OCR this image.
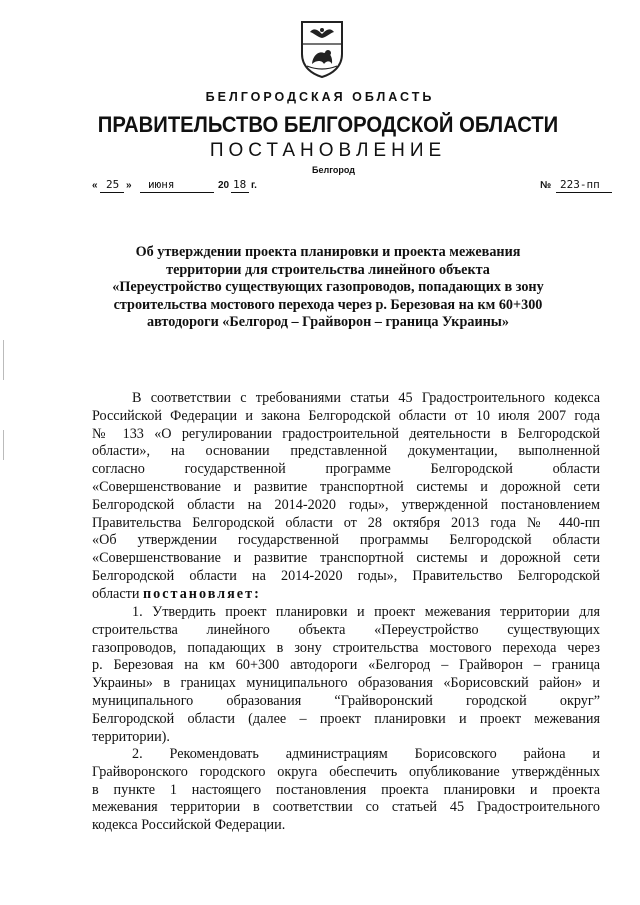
БЕЛГОРОДСКАЯ ОБЛАСТЬ
ПРАВИТЕЛЬСТВО БЕЛГОРОДСКОЙ ОБЛАСТИ
ПОСТАНОВЛЕНИЕ
Белгород
« 25 » июня	20 18 г.	№ 223-пп
Об утверждении проекта планировки и проекта межевания
территории для строительства линейного объекта
«Переустройство существующих газопроводов, попадающих в зону
строительства мостового перехода через р. Березовая на км 60+300
автодороги «Белгород – Грайворон – граница Украины»
В соответствии с требованиями статьи 45 Градостроительного кодекса
Российской Федерации и закона Белгородской области от 10 июля 2007 года
№ 133 «О регулировании градостроительной деятельности в Белгородской
области», на основании представленной документации, выполненной
согласно государственной программе Белгородской области
«Совершенствование и развитие транспортной системы и дорожной сети
Белгородской области на 2014-2020 годы», утвержденной постановлением
Правительства Белгородской области от 28 октября 2013 года № 440-пп
«Об утверждении государственной программы Белгородской области
«Совершенствование и развитие транспортной системы и дорожной сети
Белгородской области на 2014-2020 годы», Правительство Белгородской
области постановляет:
1. Утвердить проект планировки и проект межевания территории для
строительства линейного объекта «Переустройство существующих
газопроводов, попадающих в зону строительства мостового перехода через
р. Березовая на км 60+300 автодороги «Белгород – Грайворон – граница
Украины» в границах муниципального образования «Борисовский район» и
муниципального образования “Грайворонский городской округ”
Белгородской области (далее – проект планировки и проект межевания
территории).
2. Рекомендовать администрациям Борисовского района и
Грайворонского городского округа обеспечить опубликование утверждённых
в пункте 1 настоящего постановления проекта планировки и проекта
межевания территории в соответствии со статьей 45 Градостроительного
кодекса Российской Федерации.
